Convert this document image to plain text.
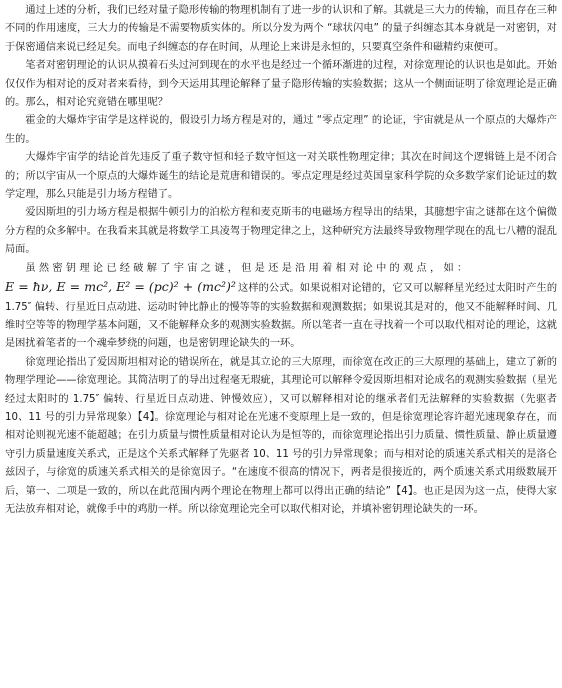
通过上述的分析，我们已经对量子隐形传输的物理机制有了进一步的认识和了解。其就是三大力的传输，而且存在三种不同的作用速度，三大力的传输是不需要物质实体的。所以分发为两个 “球状闪电” 的量子纠缠态其本身就是一对密钥，对于保密通信来说已经足矣。而电子纠缠态的存在时间，从理论上来讲是永恒的，只要真空条件和磁精约束便可。

笔者对密钥理论的认识从摸着石头过河到现在的水平也是经过一个循环渐进的过程，对徐宽理论的认识也是如此。开始仅仅作为相对论的反对者来看待，到今天运用其理论解释了量子隐形传输的实验数据；这从一个侧面证明了徐宽理论是正确的。那么，相对论究竟错在哪里呢？

霍金的大爆炸宇宙学是这样说的，假设引力场方程是对的，通过 “零点定理” 的论证，宇宙就是从一个原点的大爆炸产生的。

大爆炸宇宙学的结论首先违反了重子数守恒和轻子数守恒这一对关联性物理定律；其次在时间这个逻辑链上是不闭合的；所以宇宙从一个原点的大爆炸诞生的结论是荒唐和错误的。零点定理是经过英国皇家科学院的众多数学家们论证过的数学定理，那么只能是引力场方程错了。

爱因斯坦的引力场方程是根据牛顿引力的泊松方程和麦克斯韦的电磁场方程导出的结果，其臆想宇宙之谜都在这个偏微分方程的众多解中。在我看来其就是将数学工具凌驾于物理定律之上，这种研究方法最终导致物理学现在的乱七八糟的混乱局面。

虽然密钥理论已经破解了宇宙之谜，但是还是沿用着相对论中的观点，如：

E = ħν, E = mc², E² = (pc)² + (mc²)² 这样的公式。如果说相对论错的，它又可以解释星光经过太阳时产生的 1.75″ 偏转、行星近日点动进、运动时钟比静止的慢等等的实验数据和观测数据；如果说其是对的，他又不能解释时间、几维时空等等的物理学基本问题，又不能解释众多的观测实验数据。所以笔者一直在寻找着一个可以取代相对论的理论，这就是困扰着笔者的一个魂牵梦绕的问题，也是密钥理论缺失的一环。

徐宽理论指出了爱因斯坦相对论的错误所在，就是其立论的三大原理，而徐宽在改正的三大原理的基础上，建立了新的物理学理论——徐宽理论。其简洁明了的导出过程毫无瑕疵，其理论可以解释令爱因斯坦相对论成名的观测实验数据（星光经过太阳时的 1.75″ 偏转、行星近日点动进、钟慢效应），又可以解释相对论的继承者们无法解释的实验数据（先驱者 10、11 号的引力异常现象）【4】。徐宽理论与相对论在光速不变原理上是一致的，但是徐宽理论容许超光速现象存在，而相对论则视光速不能超越；在引力质量与惯性质量相对论认为是恒等的，而徐宽理论指出引力质量、惯性质量、静止质量遵守引力质量速度关系式，正是这个关系式解释了先驱者 10、11 号的引力异常现象；而与相对论的质速关系式相关的是洛仑兹因子，与徐宽的质速关系式相关的是徐宽因子。“在速度不很高的情况下，两者是很接近的，两个质速关系式用级数展开后，第一、二项是一致的，所以在此范围内两个理论在物理上都可以得出正确的结论”【4】。也正是因为这一点，使得大家无法放弃相对论，就像手中的鸡肋一样。所以徐宽理论完全可以取代相对论，并填补密钥理论缺失的一环。
